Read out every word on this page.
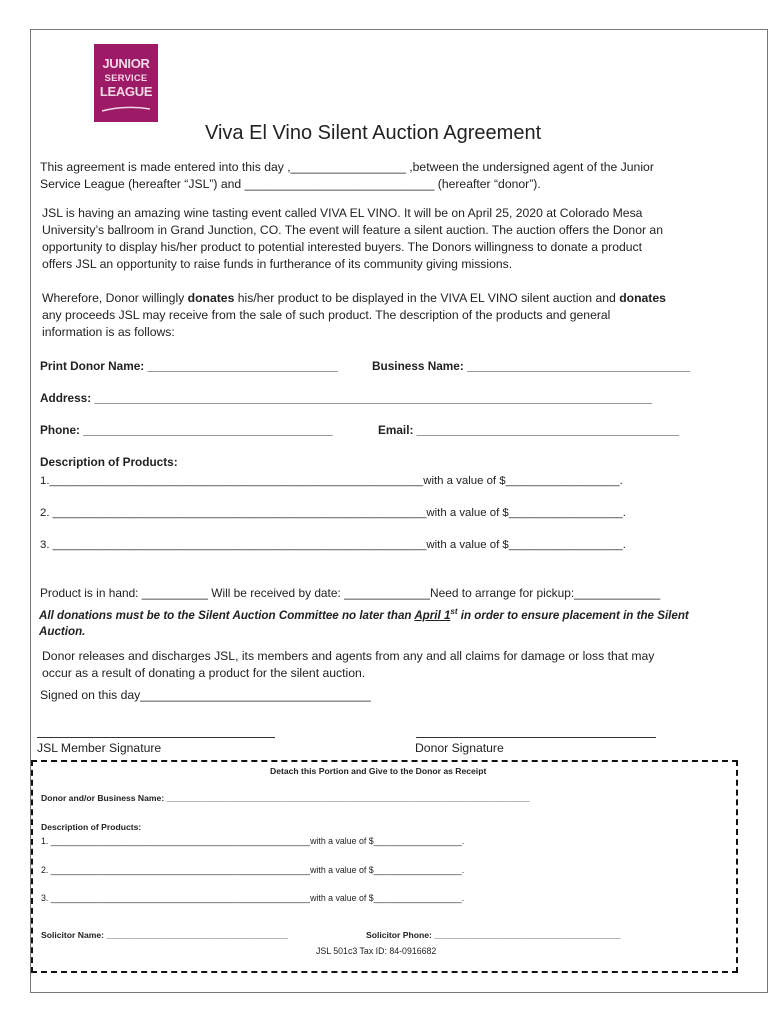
JUNIOR
SERVICE
LEAGUE
Viva El Vino Silent Auction Agreement
This agreement is made entered into this day ,_________________ ,between the undersigned agent of the Junior
Service League (hereafter “JSL”) and ____________________________ (hereafter “donor”).
JSL is having an amazing wine tasting event called VIVA EL VINO. It will be on April 25, 2020 at Colorado Mesa
University’s ballroom in Grand Junction, CO. The event will feature a silent auction. The auction offers the Donor an
opportunity to display his/her product to potential interested buyers. The Donors willingness to donate a product
offers JSL an opportunity to raise funds in furtherance of its community giving missions.
Wherefore, Donor willingly donates his/her product to be displayed in the VIVA EL VINO silent auction and donates
any proceeds JSL may receive from the sale of such product. The description of the products and general
information is as follows:
Print Donor Name: _____________________________	Business Name: __________________________________
Address: _____________________________________________________________________________________
Phone: ______________________________________	Email: ________________________________________
Description of Products:
1.___________________________________________________________with a value of $__________________.
2. ___________________________________________________________with a value of $__________________.
3. ___________________________________________________________with a value of $__________________.
Product is in hand: __________ Will be received by date: _____________Need to arrange for pickup:_____________
All donations must be to the Silent Auction Committee no later than April 1st in order to ensure placement in the Silent
Auction.
Donor releases and discharges JSL, its members and agents from any and all claims for damage or loss that may
occur as a result of donating a product for the silent auction.
Signed on this day__________________________________
JSL Member Signature	Donor Signature
Detach this Portion and Give to the Donor as Receipt
Donor and/or Business Name: ____________________________________________________________________________
Description of Products:
1. _____________________________________________________with a value of $__________________.
2. _____________________________________________________with a value of $__________________.
3. _____________________________________________________with a value of $__________________.
Solicitor Name: ______________________________________	Solicitor Phone: _______________________________________
JSL 501c3 Tax ID: 84-0916682
